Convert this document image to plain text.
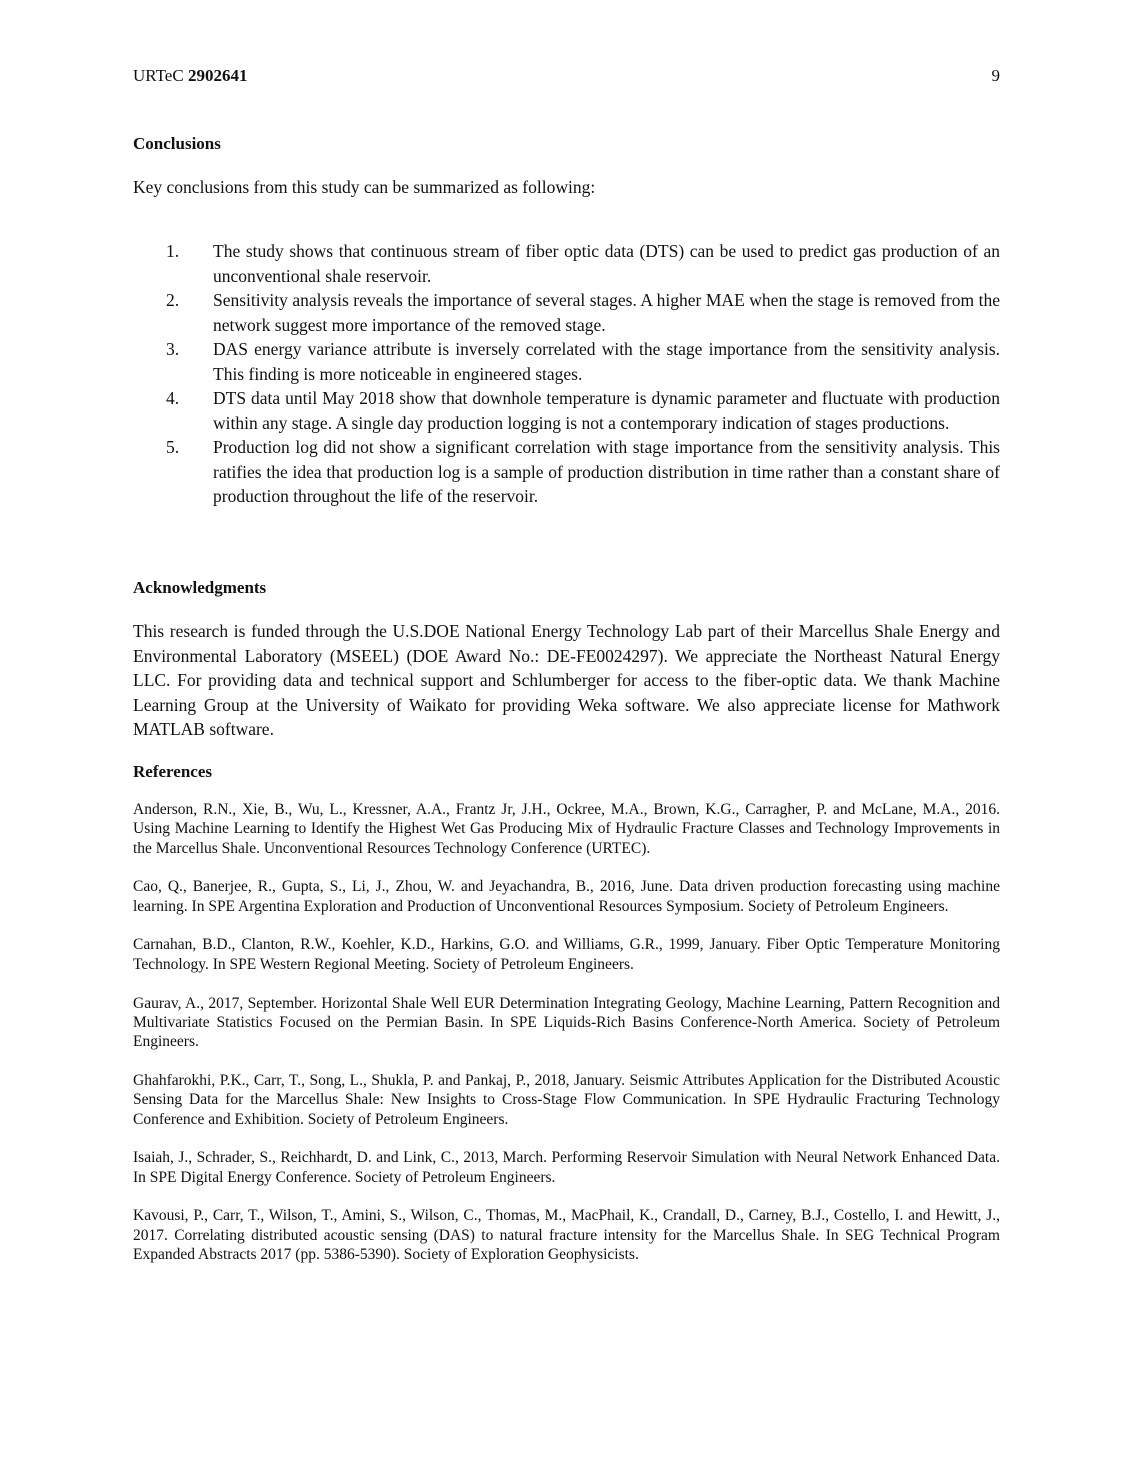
URTeC 2902641	9

Conclusions

Key conclusions from this study can be summarized as following:

1. The study shows that continuous stream of fiber optic data (DTS) can be used to predict gas production of an unconventional shale reservoir.
2. Sensitivity analysis reveals the importance of several stages. A higher MAE when the stage is removed from the network suggest more importance of the removed stage.
3. DAS energy variance attribute is inversely correlated with the stage importance from the sensitivity analysis. This finding is more noticeable in engineered stages.
4. DTS data until May 2018 show that downhole temperature is dynamic parameter and fluctuate with production within any stage. A single day production logging is not a contemporary indication of stages productions.
5. Production log did not show a significant correlation with stage importance from the sensitivity analysis. This ratifies the idea that production log is a sample of production distribution in time rather than a constant share of production throughout the life of the reservoir.

Acknowledgments

This research is funded through the U.S.DOE National Energy Technology Lab part of their Marcellus Shale Energy and Environmental Laboratory (MSEEL) (DOE Award No.: DE-FE0024297). We appreciate the Northeast Natural Energy LLC. For providing data and technical support and Schlumberger for access to the fiber-optic data. We thank Machine Learning Group at the University of Waikato for providing Weka software. We also appreciate license for Mathwork MATLAB software.

References

Anderson, R.N., Xie, B., Wu, L., Kressner, A.A., Frantz Jr, J.H., Ockree, M.A., Brown, K.G., Carragher, P. and McLane, M.A., 2016. Using Machine Learning to Identify the Highest Wet Gas Producing Mix of Hydraulic Fracture Classes and Technology Improvements in the Marcellus Shale. Unconventional Resources Technology Conference (URTEC).

Cao, Q., Banerjee, R., Gupta, S., Li, J., Zhou, W. and Jeyachandra, B., 2016, June. Data driven production forecasting using machine learning. In SPE Argentina Exploration and Production of Unconventional Resources Symposium. Society of Petroleum Engineers.

Carnahan, B.D., Clanton, R.W., Koehler, K.D., Harkins, G.O. and Williams, G.R., 1999, January. Fiber Optic Temperature Monitoring Technology. In SPE Western Regional Meeting. Society of Petroleum Engineers.

Gaurav, A., 2017, September. Horizontal Shale Well EUR Determination Integrating Geology, Machine Learning, Pattern Recognition and Multivariate Statistics Focused on the Permian Basin. In SPE Liquids-Rich Basins Conference-North America. Society of Petroleum Engineers.

Ghahfarokhi, P.K., Carr, T., Song, L., Shukla, P. and Pankaj, P., 2018, January. Seismic Attributes Application for the Distributed Acoustic Sensing Data for the Marcellus Shale: New Insights to Cross-Stage Flow Communication. In SPE Hydraulic Fracturing Technology Conference and Exhibition. Society of Petroleum Engineers.

Isaiah, J., Schrader, S., Reichhardt, D. and Link, C., 2013, March. Performing Reservoir Simulation with Neural Network Enhanced Data. In SPE Digital Energy Conference. Society of Petroleum Engineers.

Kavousi, P., Carr, T., Wilson, T., Amini, S., Wilson, C., Thomas, M., MacPhail, K., Crandall, D., Carney, B.J., Costello, I. and Hewitt, J., 2017. Correlating distributed acoustic sensing (DAS) to natural fracture intensity for the Marcellus Shale. In SEG Technical Program Expanded Abstracts 2017 (pp. 5386-5390). Society of Exploration Geophysicists.
